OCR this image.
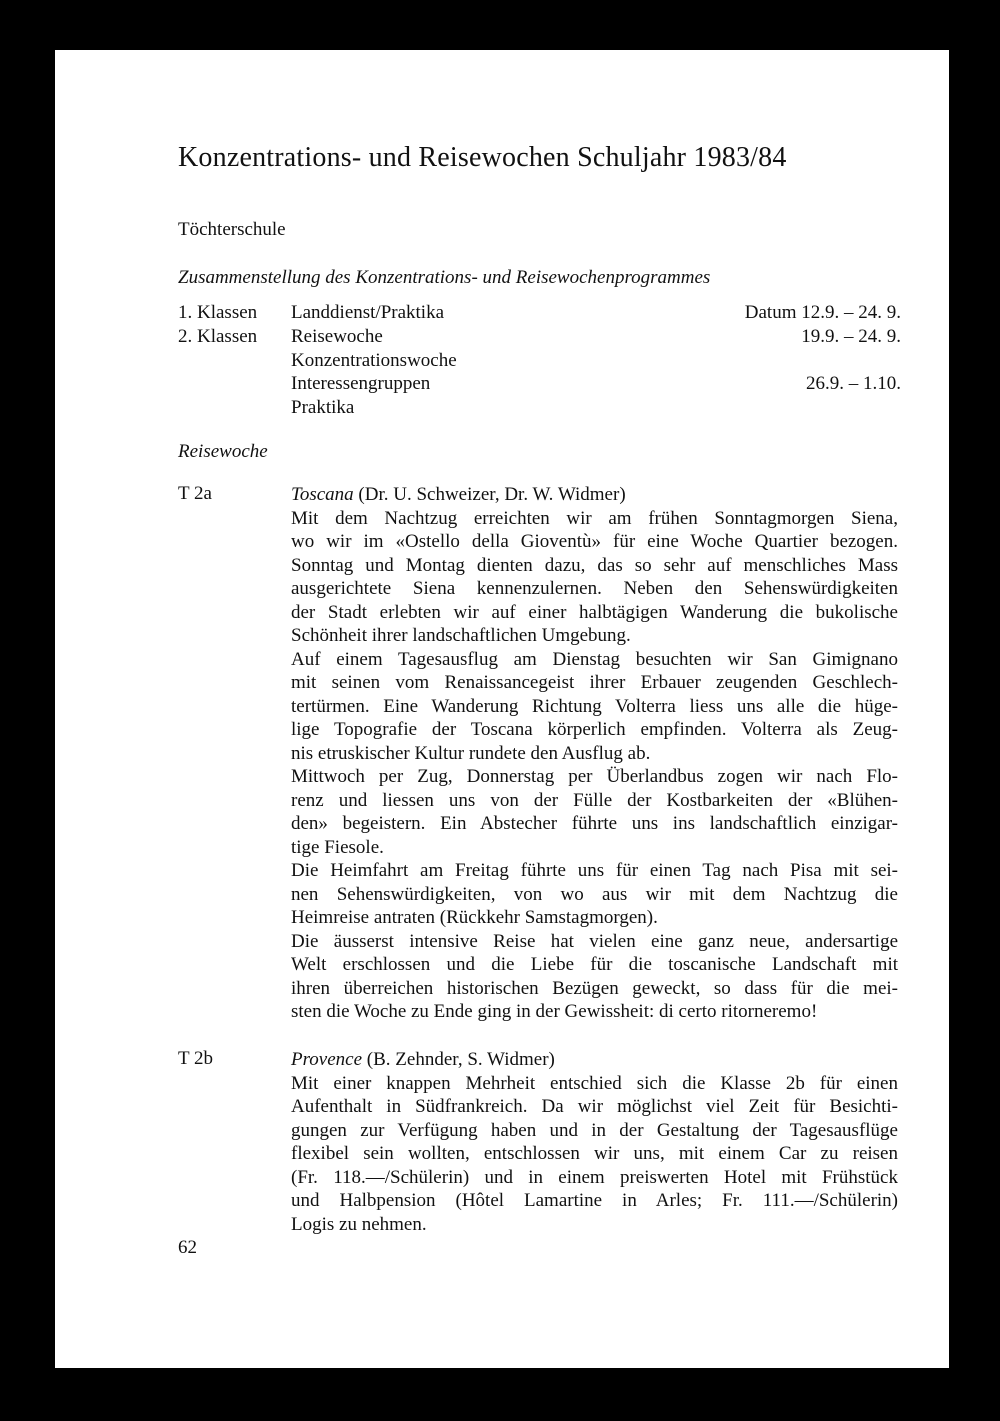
Konzentrations- und Reisewochen Schuljahr 1983/84
Töchterschule
Zusammenstellung des Konzentrations- und Reisewochenprogrammes
1. Klassen Landdienst/Praktika	Datum 12.9. – 24. 9.
2. Klassen Reisewoche	19.9. – 24. 9.
Konzentrationswoche
Interessengruppen	26.9. – 1.10.
Praktika
Reisewoche
T 2a	Toscana (Dr. U. Schweizer, Dr. W. Widmer)
Mit dem Nachtzug erreichten wir am frühen Sonntagmorgen Siena,
wo wir im «Ostello della Gioventù» für eine Woche Quartier bezogen.
Sonntag und Montag dienten dazu, das so sehr auf menschliches Mass
ausgerichtete Siena kennenzulernen. Neben den Sehenswürdigkeiten
der Stadt erlebten wir auf einer halbtägigen Wanderung die bukolische
Schönheit ihrer landschaftlichen Umgebung.
Auf einem Tagesausflug am Dienstag besuchten wir San Gimignano
mit seinen vom Renaissancegeist ihrer Erbauer zeugenden Geschlech-
tertürmen. Eine Wanderung Richtung Volterra liess uns alle die hüge-
lige Topografie der Toscana körperlich empfinden. Volterra als Zeug-
nis etruskischer Kultur rundete den Ausflug ab.
Mittwoch per Zug, Donnerstag per Überlandbus zogen wir nach Flo-
renz und liessen uns von der Fülle der Kostbarkeiten der «Blühen-
den» begeistern. Ein Abstecher führte uns ins landschaftlich einzigar-
tige Fiesole.
Die Heimfahrt am Freitag führte uns für einen Tag nach Pisa mit sei-
nen Sehenswürdigkeiten, von wo aus wir mit dem Nachtzug die
Heimreise antraten (Rückkehr Samstagmorgen).
Die äusserst intensive Reise hat vielen eine ganz neue, andersartige
Welt erschlossen und die Liebe für die toscanische Landschaft mit
ihren überreichen historischen Bezügen geweckt, so dass für die mei-
sten die Woche zu Ende ging in der Gewissheit: di certo ritorneremo!
T 2b	Provence (B. Zehnder, S. Widmer)
Mit einer knappen Mehrheit entschied sich die Klasse 2b für einen
Aufenthalt in Südfrankreich. Da wir möglichst viel Zeit für Besichti-
gungen zur Verfügung haben und in der Gestaltung der Tagesausflüge
flexibel sein wollten, entschlossen wir uns, mit einem Car zu reisen
(Fr. 118.—/Schülerin) und in einem preiswerten Hotel mit Frühstück
und Halbpension (Hôtel Lamartine in Arles; Fr. 111.—/Schülerin)
Logis zu nehmen.
62
